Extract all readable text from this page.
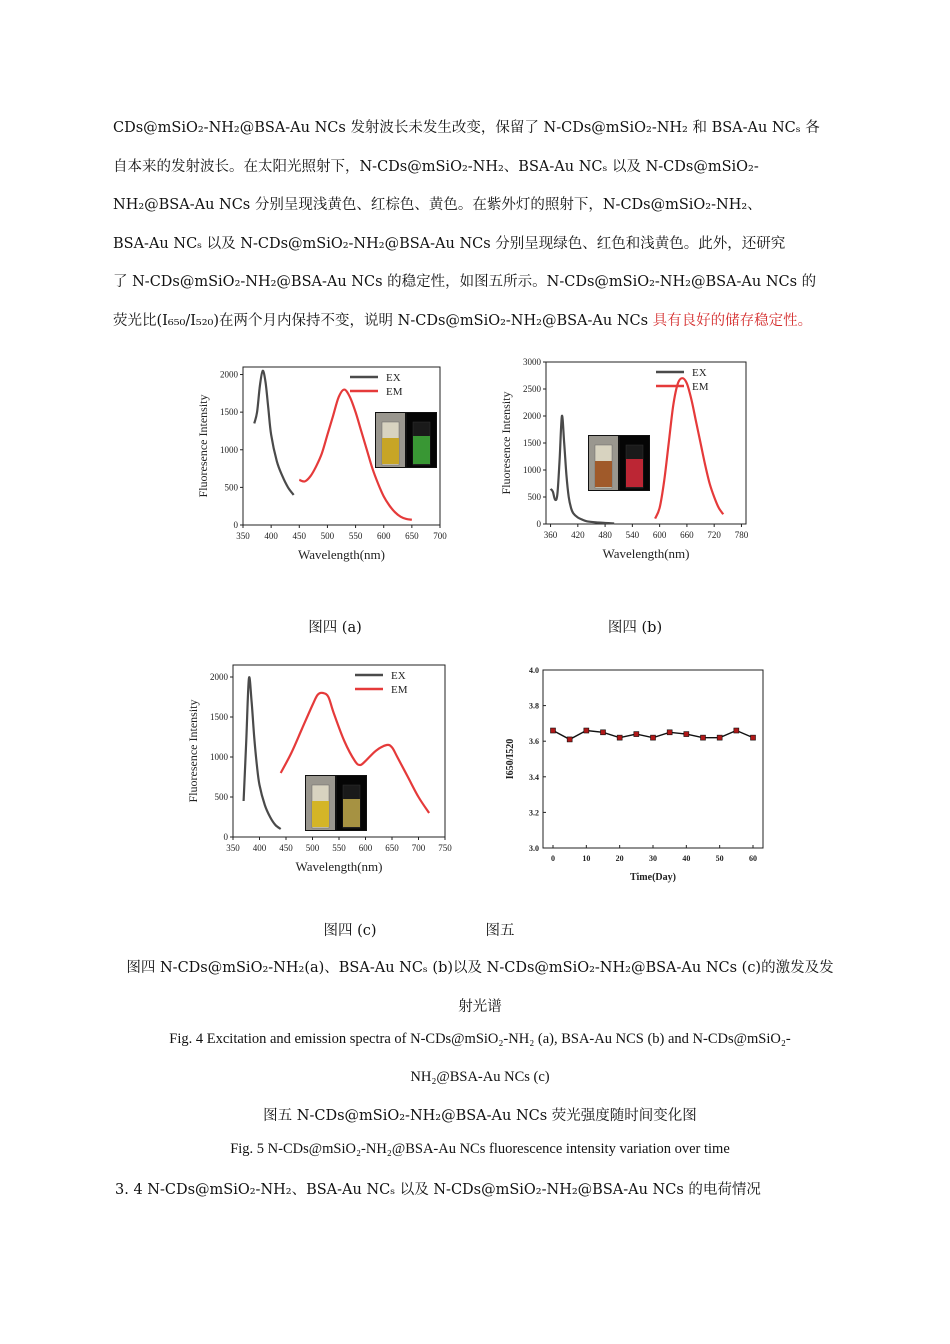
CDs@mSiO₂-NH₂@BSA-Au NCs 发射波长未发生改变，保留了 N-CDs@mSiO₂-NH₂ 和 BSA-Au NCₛ 各
自本来的发射波长。在太阳光照射下，N-CDs@mSiO₂-NH₂、BSA-Au NCₛ 以及 N-CDs@mSiO₂-
NH₂@BSA-Au NCs 分别呈现浅黄色、红棕色、黄色。在紫外灯的照射下，N-CDs@mSiO₂-NH₂、
BSA-Au NCₛ 以及 N-CDs@mSiO₂-NH₂@BSA-Au NCs 分别呈现绿色、红色和浅黄色。此外，还研究
了 N-CDs@mSiO₂-NH₂@BSA-Au NCs 的稳定性，如图五所示。N-CDs@mSiO₂-NH₂@BSA-Au NCs 的
荧光比(I₆₅₀/I₅₂₀)在两个月内保持不变，说明 N-CDs@mSiO₂-NH₂@BSA-Au NCs 具有良好的储存稳定性。
350 400 450 500 550 600 650 700
0
500
1000
1500
2000
Wavelength(nm)
Fluoresence Intensity
EX
EM
360 420 480 540 600 660 720 780
0
500
1000
1500
2000
2500
3000
Wavelength(nm)
Fluoresence Intensity
EX
EM
图四 (a)	图四 (b)
350 400 450 500 550 600 650 700 750
0
500
1000
1500
2000
Wavelength(nm)
Fluoresence Intensity
EX
EM
0	10	20	30	40	50	60
3.0
3.2
3.4
3.6
3.8
4.0
Time(Day)
I650/I520
图四 (c)	图五
图四 N-CDs@mSiO₂-NH₂(a)、BSA-Au NCₛ (b)以及 N-CDs@mSiO₂-NH₂@BSA-Au NCs (c)的激发及发
射光谱
Fig. 4 Excitation and emission spectra of N-CDs@mSiO₂-NH₂ (a), BSA-Au NCS (b) and N-CDs@mSiO₂-
NH₂@BSA-Au NCs (c)
图五 N-CDs@mSiO₂-NH₂@BSA-Au NCs 荧光强度随时间变化图
Fig. 5 N-CDs@mSiO₂-NH₂@BSA-Au NCs fluorescence intensity variation over time
3. 4 N-CDs@mSiO₂-NH₂、BSA-Au NCₛ 以及 N-CDs@mSiO₂-NH₂@BSA-Au NCs 的电荷情况
